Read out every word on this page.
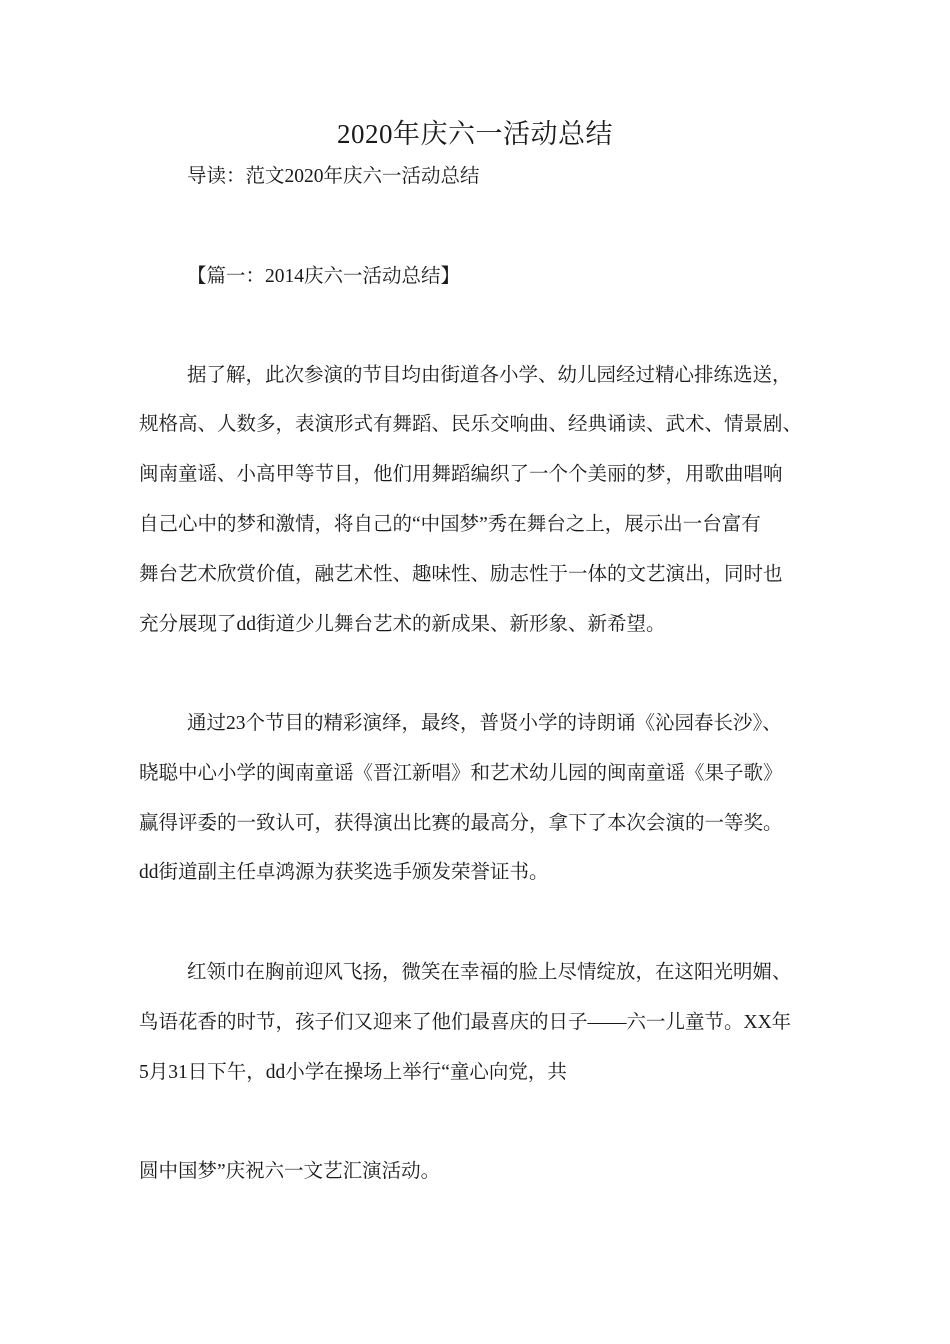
2020年庆六一活动总结
导读：范文2020年庆六一活动总结
【篇一：2014庆六一活动总结】
据了解，此次参演的节目均由街道各小学、幼儿园经过精心排练选送，
规格高、人数多，表演形式有舞蹈、民乐交响曲、经典诵读、武术、情景剧、
闽南童谣、小高甲等节目，他们用舞蹈编织了一个个美丽的梦，用歌曲唱响
自己心中的梦和激情，将自己的“中国梦”秀在舞台之上，展示出一台富有
舞台艺术欣赏价值，融艺术性、趣味性、励志性于一体的文艺演出，同时也
充分展现了dd街道少儿舞台艺术的新成果、新形象、新希望。
通过23个节目的精彩演绎，最终，普贤小学的诗朗诵《沁园春长沙》、
晓聪中心小学的闽南童谣《晋江新唱》和艺术幼儿园的闽南童谣《果子歌》
赢得评委的一致认可，获得演出比赛的最高分，拿下了本次会演的一等奖。
dd街道副主任卓鸿源为获奖选手颁发荣誉证书。
红领巾在胸前迎风飞扬，微笑在幸福的脸上尽情绽放，在这阳光明媚、
鸟语花香的时节，孩子们又迎来了他们最喜庆的日子——六一儿童节。XX年
5月31日下午，dd小学在操场上举行“童心向党，共
圆中国梦”庆祝六一文艺汇演活动。
